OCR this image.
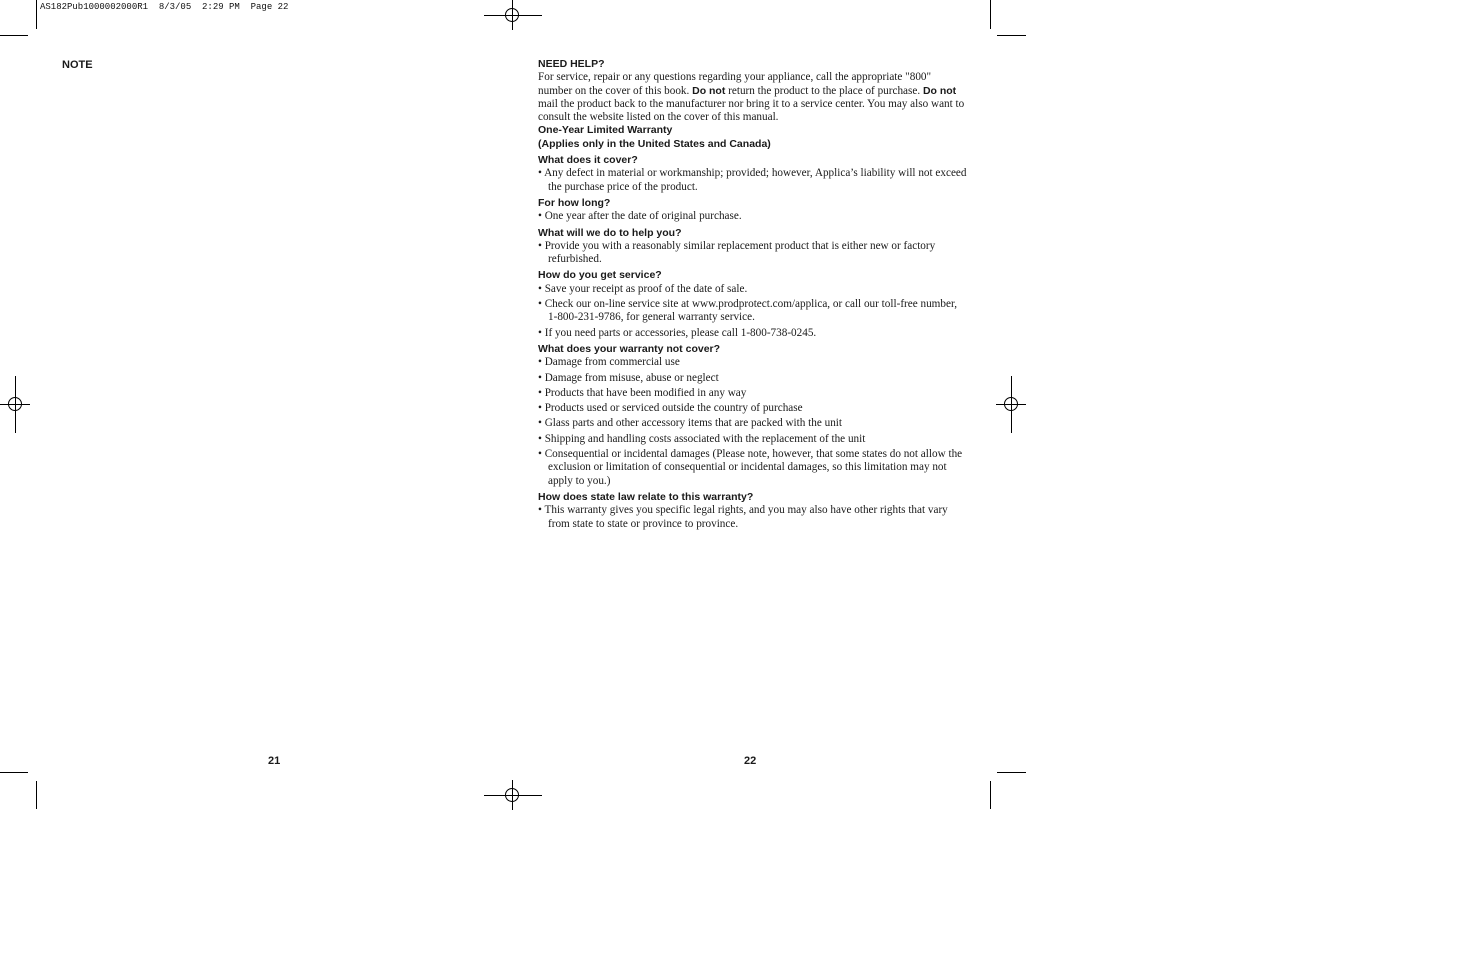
AS182Pub1000002000R1  8/3/05  2:29 PM  Page 22
NOTE
21	22

NEED HELP?

For service, repair or any questions regarding your appliance, call the appropriate "800" number on the cover of this book. Do not return the product to the place of purchase. Do not mail the product back to the manufacturer nor bring it to a service center. You may also want to consult the website listed on the cover of this manual.

One-Year Limited Warranty

(Applies only in the United States and Canada)

What does it cover?

• Any defect in material or workmanship; provided; however, Applica’s liability will not exceed the purchase price of the product.

For how long?

• One year after the date of original purchase.

What will we do to help you?

• Provide you with a reasonably similar replacement product that is either new or factory refurbished.

How do you get service?

• Save your receipt as proof of the date of sale.

• Check our on-line service site at www.prodprotect.com/applica, or call our toll-free number, 1-800-231-9786, for general warranty service.

• If you need parts or accessories, please call 1-800-738-0245.

What does your warranty not cover?

• Damage from commercial use

• Damage from misuse, abuse or neglect

• Products that have been modified in any way

• Products used or serviced outside the country of purchase

• Glass parts and other accessory items that are packed with the unit

• Shipping and handling costs associated with the replacement of the unit

• Consequential or incidental damages (Please note, however, that some states do not allow the exclusion or limitation of consequential or incidental damages, so this limitation may not apply to you.)

How does state law relate to this warranty?

• This warranty gives you specific legal rights, and you may also have other rights that vary from state to state or province to province.
